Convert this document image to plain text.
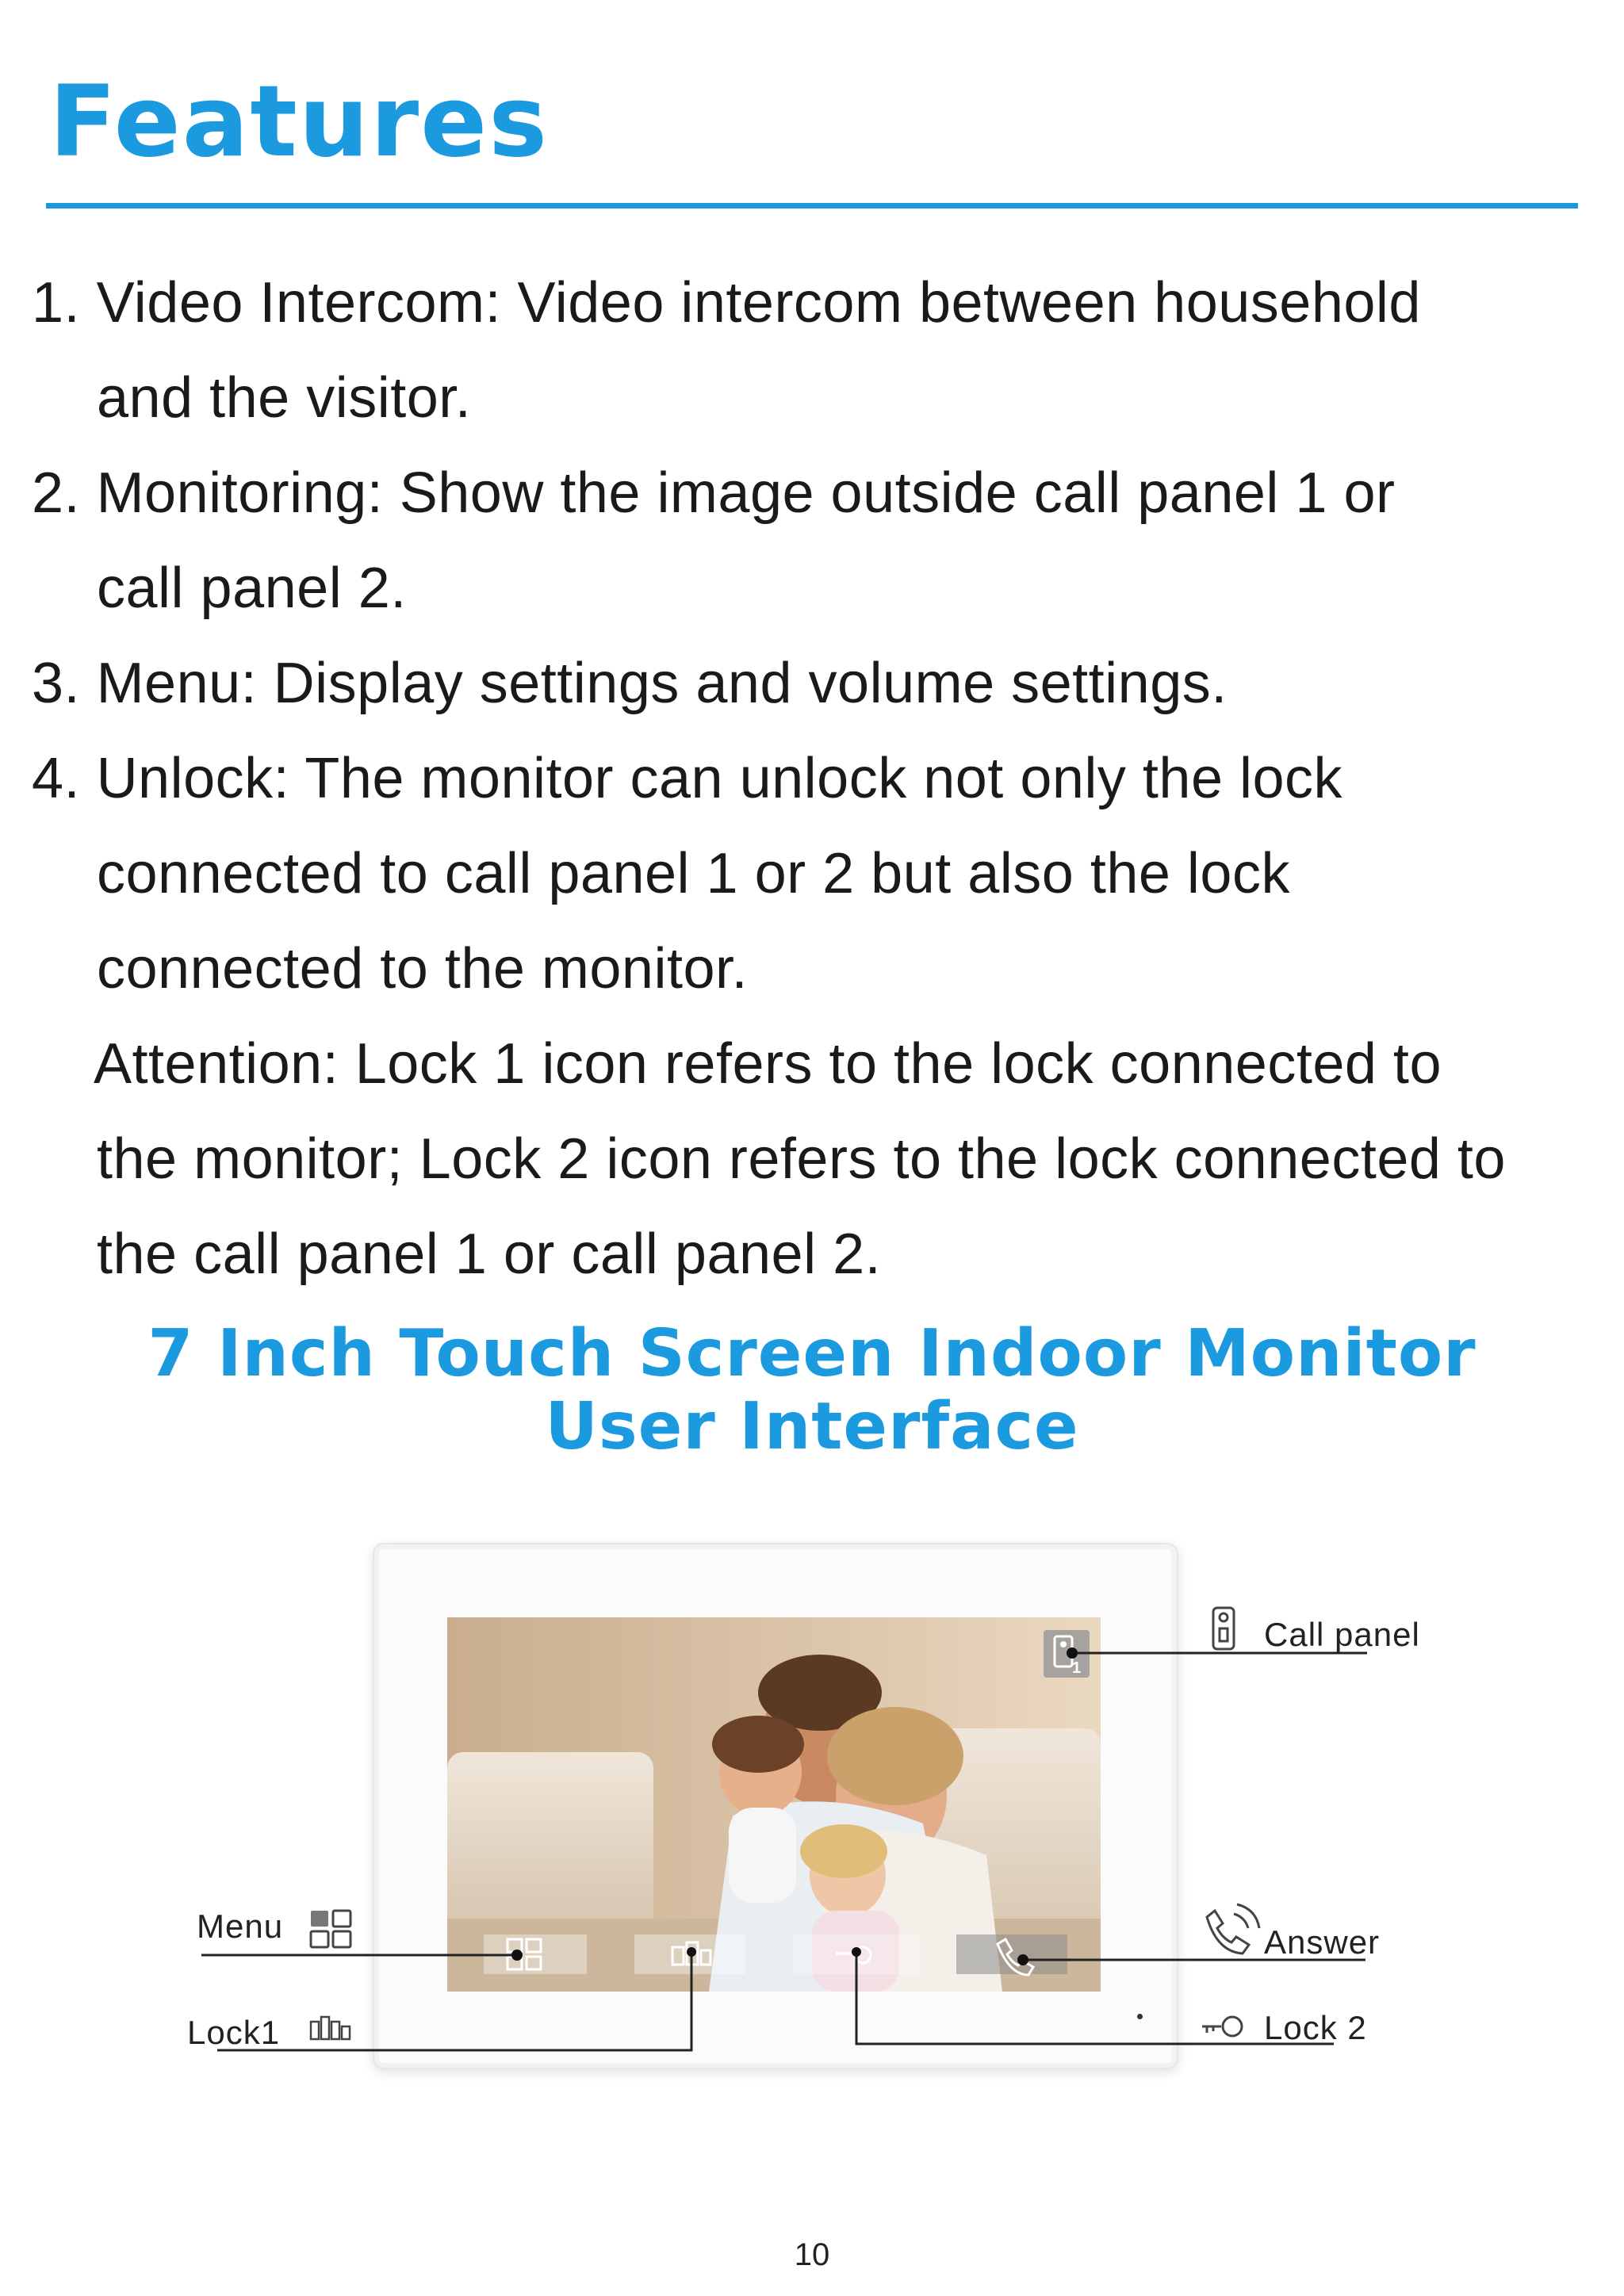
Features
1. Video Intercom: Video intercom between household
and the visitor.
2. Monitoring: Show the image outside call panel 1 or
call panel 2.
3. Menu: Display settings and volume settings.
4. Unlock: The monitor can unlock not only the lock
connected to call panel 1 or 2 but also the lock
connected to the monitor.
Attention: Lock 1 icon refers to the lock connected to
the monitor; Lock 2 icon refers to the lock connected to
the call panel 1 or call panel 2.
7 Inch Touch Screen Indoor Monitor
User Interface
1
Call panel
Menu	Answer
Lock1	Lock 2
10
